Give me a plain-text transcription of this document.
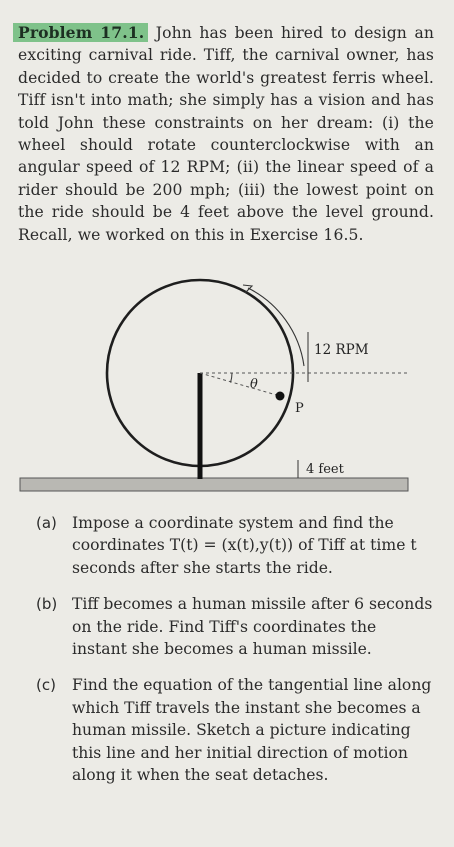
Problem 17.1. John has been hired to design an exciting carnival ride. Tiff, the carnival owner, has decided to create the world's greatest ferris wheel. Tiff isn't into math; she simply has a vision and has told John these constraints on her dream: (i) the wheel should rotate counterclockwise with an angular speed of 12 RPM; (ii) the linear speed of a rider should be 200 mph; (iii) the lowest point on the ride should be 4 feet above the level ground. Recall, we worked on this in Exercise 16.5.
12 RPM
θ
P
4 feet
(a) Impose a coordinate system and find the coordinates T(t) = (x(t),y(t)) of Tiff at time t seconds after she starts the ride.
(b) Tiff becomes a human missile after 6 seconds on the ride. Find Tiff's coordinates the instant she becomes a human missile.
(c) Find the equation of the tangential line along which Tiff travels the instant she becomes a human missile. Sketch a picture indicating this line and her initial direction of motion along it when the seat detaches.
